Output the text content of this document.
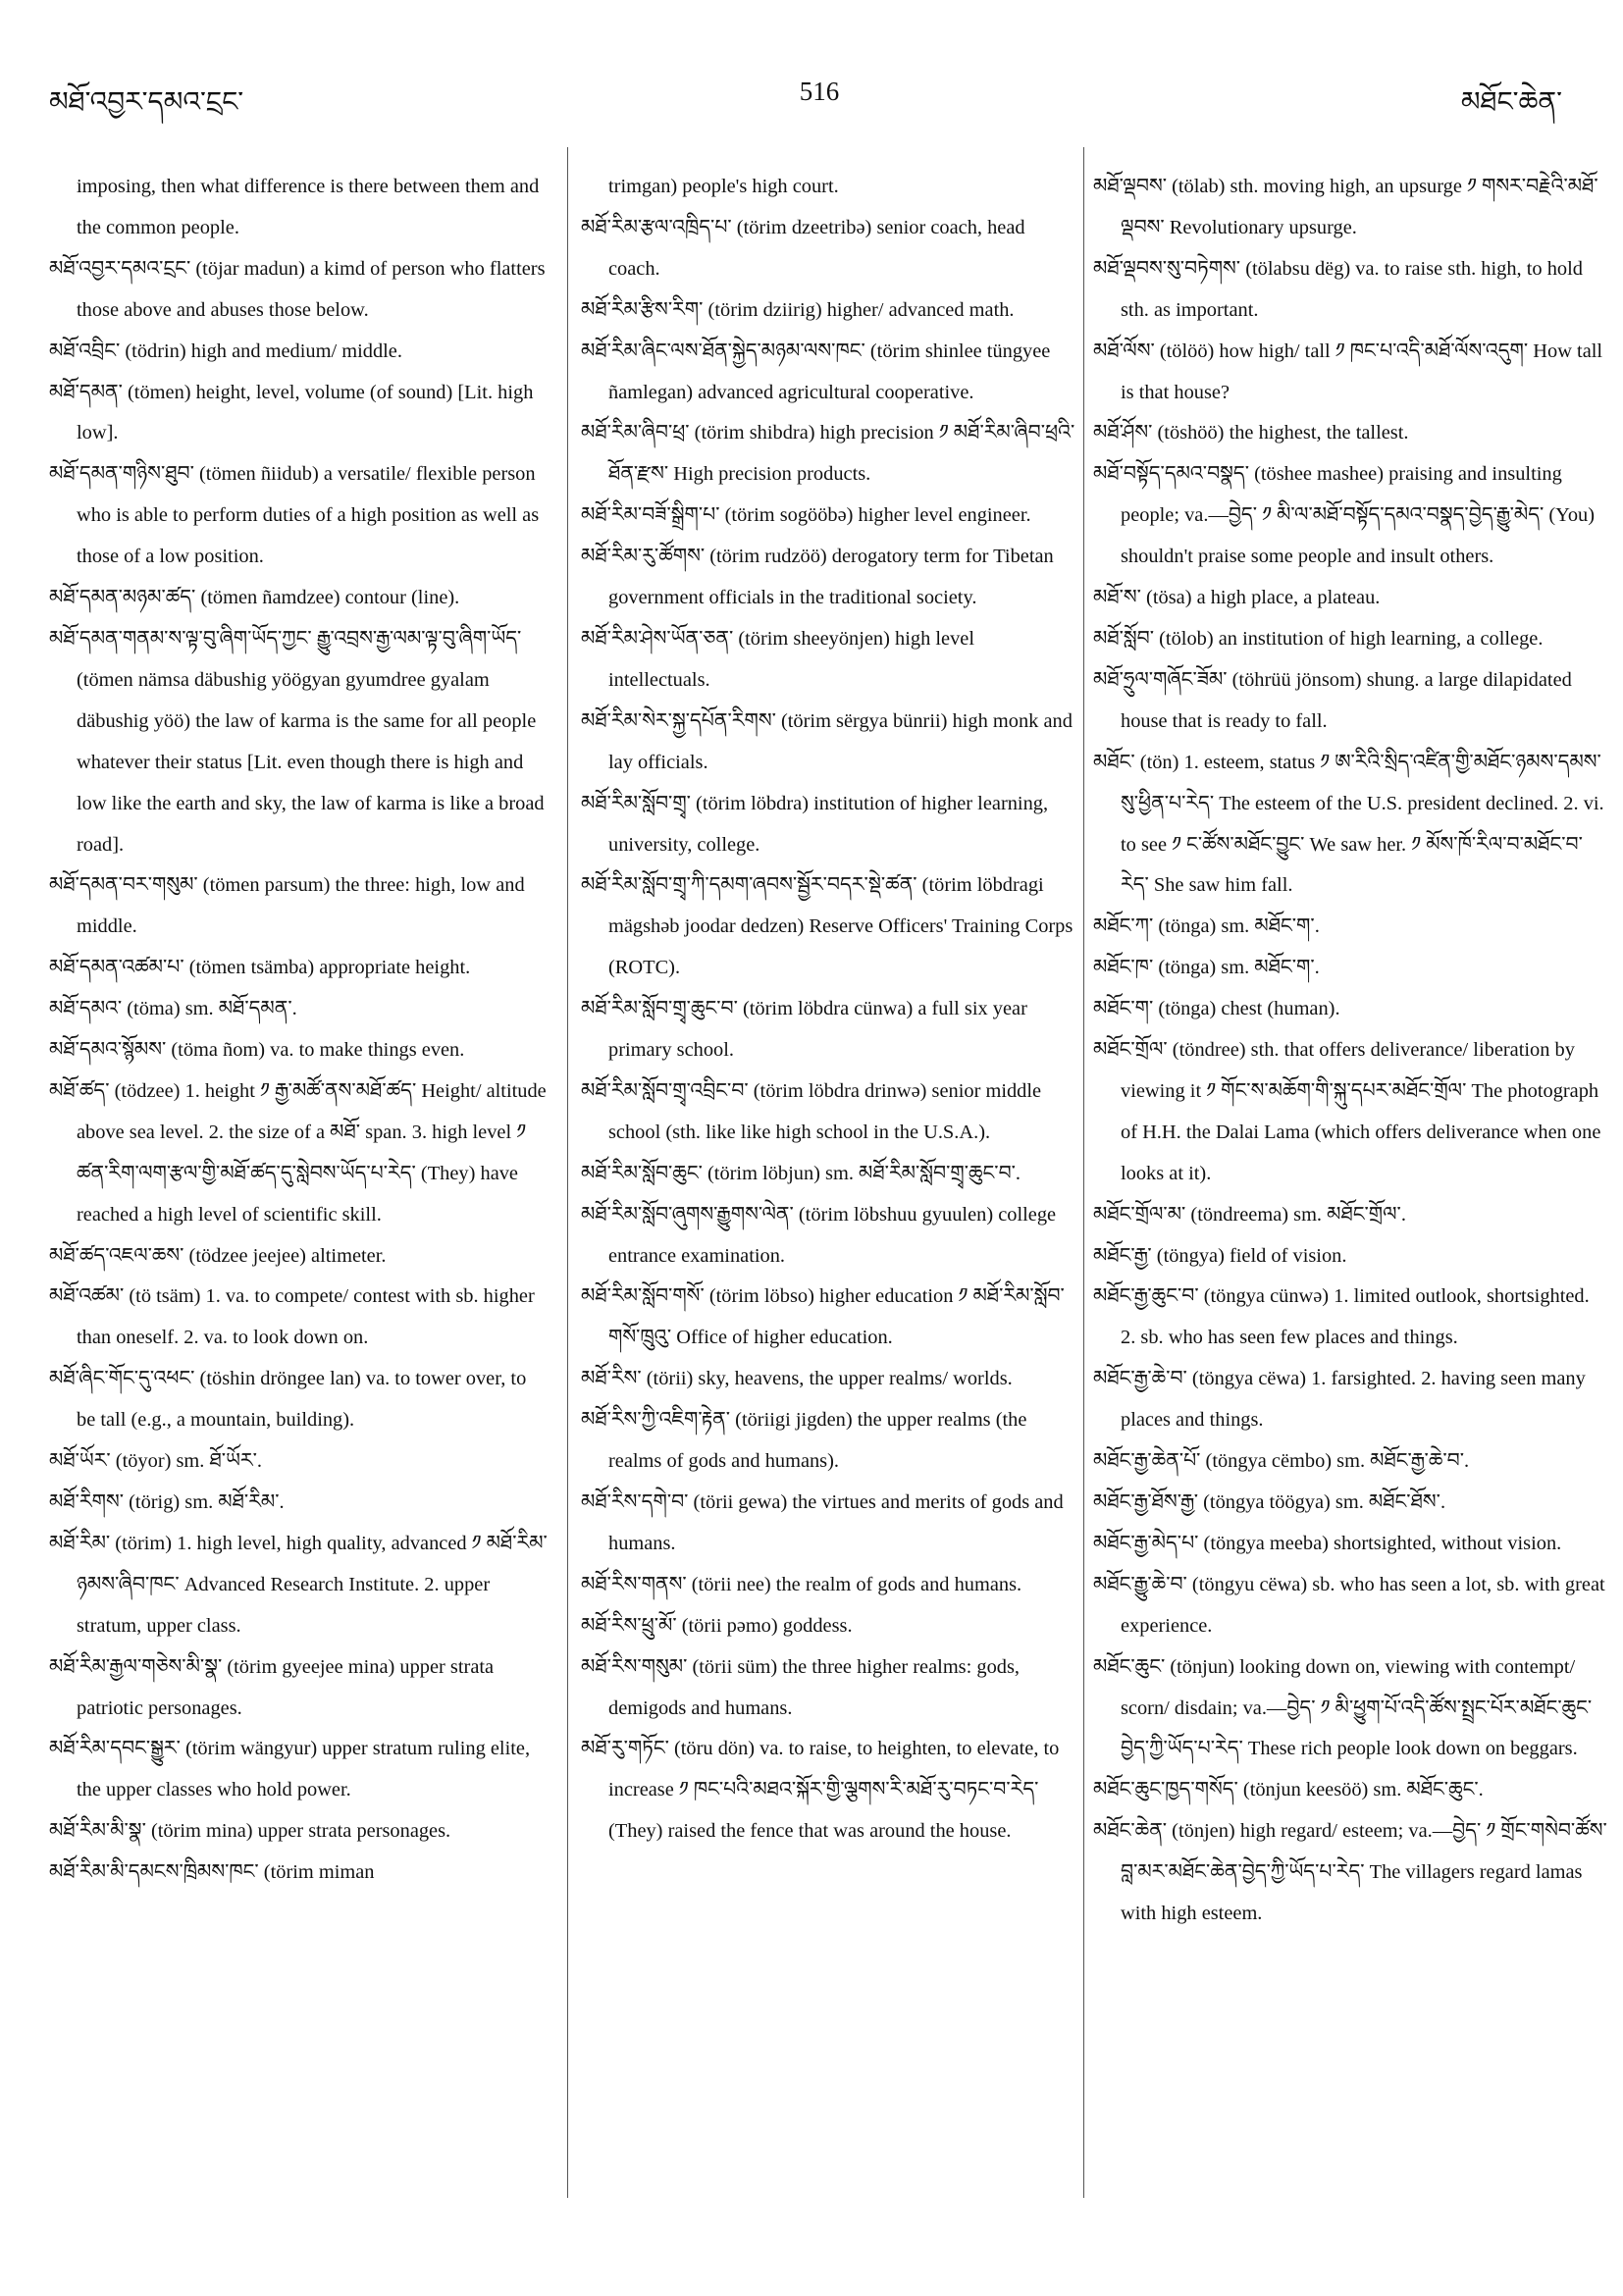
མཐོ་འབྱར་དམའ་ངྲང་	516	མཐོང་ཆེན་

imposing, then what difference is there between them and the common people.

མཐོ་འབྱར་དམའ་ངྲང་ (töjar madun) a kimd of person who flatters those above and abuses those below.

མཐོ་འབྲིང་ (tödrin) high and medium/ middle.

མཐོ་དམན་ (tömen) height, level, volume (of sound) [Lit. high low].

མཐོ་དམན་གཉིས་ཐུབ་ (tömen ñiidub) a versatile/ flexible person who is able to perform duties of a high position as well as those of a low position.

མཐོ་དམན་མཉམ་ཚད་ (tömen ñamdzee) contour (line).

མཐོ་དམན་གནམ་ས་ལྟ་བུ་ཞིག་ཡོད་ཀྱང་ རྒྱུ་འབྲས་རྒྱ་ལམ་ལྟ་བུ་ཞིག་ཡོད་ (tömen nämsa däbushig yöögyan gyumdree gyalam däbushig yöö) the law of karma is the same for all people whatever their status [Lit. even though there is high and low like the earth and sky, the law of karma is like a broad road].

མཐོ་དམན་བར་གསུམ་ (tömen parsum) the three: high, low and middle.

མཐོ་དམན་འཚམ་པ་ (tömen tsämba) appropriate height.

མཐོ་དམའ་ (töma) sm. མཐོ་དམན་.

མཐོ་དམའ་སྙོམས་ (töma ñom) va. to make things even.

མཐོ་ཚད་ (tödzee) 1. height ༡ རྒྱ་མཚོ་ནས་མཐོ་ཚད་ Height/ altitude above sea level. 2. the size of a མཐོ་ span. 3. high level ༡ ཚན་རིག་ལག་རྩལ་གྱི་མཐོ་ཚད་དུ་སླེབས་ཡོད་པ་རེད་ (They) have reached a high level of scientific skill.

མཐོ་ཚད་འཇལ་ཆས་ (tödzee jeejee) altimeter.

མཐོ་འཚམ་ (tö tsäm) 1. va. to compete/ contest with sb. higher than oneself. 2. va. to look down on.

མཐོ་ཞིང་གོང་དུ་འཕང་ (töshin dröngee lan) va. to tower over, to be tall (e.g., a mountain, building).

མཐོ་ཡོར་ (töyor) sm. ཐོ་ཡོར་.

མཐོ་རིགས་ (törig) sm. མཐོ་རིམ་.

མཐོ་རིམ་ (törim) 1. high level, high quality, advanced ༡ མཐོ་རིམ་ཉམས་ཞིབ་ཁང་ Advanced Research Institute. 2. upper stratum, upper class.

མཐོ་རིམ་རྒྱལ་གཅེས་མི་སྣ་ (törim gyeejee mina) upper strata patriotic personages.

མཐོ་རིམ་དབང་སྒྱུར་ (törim wängyur) upper stratum ruling elite, the upper classes who hold power.

མཐོ་རིམ་མི་སྣ་ (törim mina) upper strata personages.

མཐོ་རིམ་མི་དམངས་ཁྲིམས་ཁང་ (törim miman

trimgan) people's high court.

མཐོ་རིམ་རྩལ་འཁྲིད་པ་ (törim dzeetribə) senior coach, head coach.

མཐོ་རིམ་རྩིས་རིག་ (törim dziirig) higher/ advanced math.

མཐོ་རིམ་ཞིང་ལས་ཐོན་སྐྱེད་མཉམ་ལས་ཁང་ (törim shinlee tüngyee ñamlegan) advanced agricultural cooperative.

མཐོ་རིམ་ཞིབ་ཕྲ་ (törim shibdra) high precision ༡ མཐོ་རིམ་ཞིབ་ཕྲའི་ཐོན་རྫས་ High precision products.

མཐོ་རིམ་བཟོ་སྒྲིག་པ་ (törim sogööbə) higher level engineer.

མཐོ་རིམ་རུ་ཚོགས་ (törim rudzöö) derogatory term for Tibetan government officials in the traditional society.

མཐོ་རིམ་ཤེས་ཡོན་ཅན་ (törim sheeyönjen) high level intellectuals.

མཐོ་རིམ་སེར་སྐྱ་དཔོན་རིགས་ (törim sërgya bünrii) high monk and lay officials.

མཐོ་རིམ་སློབ་གྲྭ་ (törim löbdra) institution of higher learning, university, college.

མཐོ་རིམ་སློབ་གྲྭ་ཀི་དམག་ཞབས་སྦྱོར་བདར་སྡེ་ཚན་ (törim löbdragi mägshəb joodar dedzen) Reserve Officers' Training Corps (ROTC).

མཐོ་རིམ་སློབ་གྲྭ་ཆུང་བ་ (törim löbdra cünwa) a full six year primary school.

མཐོ་རིམ་སློབ་གྲྭ་འབྲིང་བ་ (törim löbdra drinwə) senior middle school (sth. like like high school in the U.S.A.).

མཐོ་རིམ་སློབ་ཆུང་ (törim löbjun) sm. མཐོ་རིམ་སློབ་གྲྭ་ཆུང་བ་.

མཐོ་རིམ་སློབ་ཞུགས་རྒྱུགས་ལེན་ (törim löbshuu gyuulen) college entrance examination.

མཐོ་རིམ་སློབ་གསོ་ (törim löbso) higher education ༡ མཐོ་རིམ་སློབ་གསོ་ཁྲུའུ་ Office of higher education.

མཐོ་རིས་ (törii) sky, heavens, the upper realms/ worlds.

མཐོ་རིས་ཀྱི་འཇིག་རྟེན་ (töriigi jigden) the upper realms (the realms of gods and humans).

མཐོ་རིས་དགེ་བ་ (törii gewa) the virtues and merits of gods and humans.

མཐོ་རིས་གནས་ (törii nee) the realm of gods and humans.

མཐོ་རིས་ཕྲུ་མོ་ (törii pəmo) goddess.

མཐོ་རིས་གསུམ་ (törii süm) the three higher realms: gods, demigods and humans.

མཐོ་རུ་གཏོང་ (töru dön) va. to raise, to heighten, to elevate, to increase ༡ ཁང་པའི་མཐའ་སྐོར་གྱི་ལྕགས་རི་མཐོ་རུ་བཏང་བ་རེད་ (They) raised the fence that was around the house.

མཐོ་ལྡབས་ (tölab) sth. moving high, an upsurge ༡ གསར་བརྗེའི་མཐོ་ལྡབས་ Revolutionary upsurge.

མཐོ་ལྡབས་སུ་བཏེགས་ (tölabsu dëg) va. to raise sth. high, to hold sth. as important.

མཐོ་ལོས་ (tölöö) how high/ tall ༡ ཁང་པ་འདི་མཐོ་ལོས་འདུག་ How tall is that house?

མཐོ་ཤོས་ (töshöö) the highest, the tallest.

མཐོ་བསྟོད་དམའ་བསྣད་ (töshee mashee) praising and insulting people; va.—བྱེད་ ༡ མི་ལ་མཐོ་བསྟོད་དམའ་བསྣད་བྱེད་རྒྱུ་མེད་ (You) shouldn't praise some people and insult others.

མཐོ་ས་ (tösa) a high place, a plateau.

མཐོ་སློབ་ (tölob) an institution of high learning, a college.

མཐོ་ཧྲུལ་གཞོང་ཟོམ་ (töhrüü jönsom) shung. a large dilapidated house that is ready to fall.

མཐོང་ (tön) 1. esteem, status ༡ ཨ་རིའི་སྲིད་འཛིན་གྱི་མཐོང་ཉམས་དམས་སུ་ཕྱིན་པ་རེད་ The esteem of the U.S. president declined. 2. vi. to see ༡ ང་ཚོས་མཐོང་བྱུང་ We saw her. ༡ མོས་ཁོ་རིལ་བ་མཐོང་བ་རེད་ She saw him fall.

མཐོང་ཀ་ (tönga) sm. མཐོང་ག་.

མཐོང་ཁ་ (tönga) sm. མཐོང་ག་.

མཐོང་ག་ (tönga) chest (human).

མཐོང་གྲོལ་ (töndree) sth. that offers deliverance/ liberation by viewing it ༡ གོང་ས་མཆོག་གི་སྐུ་དཔར་མཐོང་གྲོལ་ The photograph of H.H. the Dalai Lama (which offers deliverance when one looks at it).

མཐོང་གྲོལ་མ་ (töndreema) sm. མཐོང་གྲོལ་.

མཐོང་རྒྱ་ (töngya) field of vision.

མཐོང་རྒྱ་ཆུང་བ་ (töngya cünwə) 1. limited outlook, shortsighted. 2. sb. who has seen few places and things.

མཐོང་རྒྱ་ཆེ་བ་ (töngya cëwa) 1. farsighted. 2. having seen many places and things.

མཐོང་རྒྱ་ཆེན་པོ་ (töngya cëmbo) sm. མཐོང་རྒྱ་ཆེ་བ་.

མཐོང་རྒྱ་ཐོས་རྒྱ་ (töngya töögya) sm. མཐོང་ཐོས་.

མཐོང་རྒྱ་མེད་པ་ (töngya meeba) shortsighted, without vision.

མཐོང་རྒྱུ་ཆེ་བ་ (töngyu cëwa) sb. who has seen a lot, sb. with great experience.

མཐོང་ཆུང་ (tönjun) looking down on, viewing with contempt/ scorn/ disdain; va.—བྱེད་ ༡ མི་ཕྱུག་པོ་འདི་ཚོས་སྤྲང་པོར་མཐོང་ཆུང་བྱེད་ཀྱི་ཡོད་པ་རེད་ These rich people look down on beggars.

མཐོང་ཆུང་ཁྱད་གསོད་ (tönjun keesöö) sm. མཐོང་ཆུང་.

མཐོང་ཆེན་ (tönjen) high regard/ esteem; va.—བྱེད་ ༡ གྲོང་གསེབ་ཚོས་བླ་མར་མཐོང་ཆེན་བྱེད་ཀྱི་ཡོད་པ་རེད་ The villagers regard lamas with high esteem.
